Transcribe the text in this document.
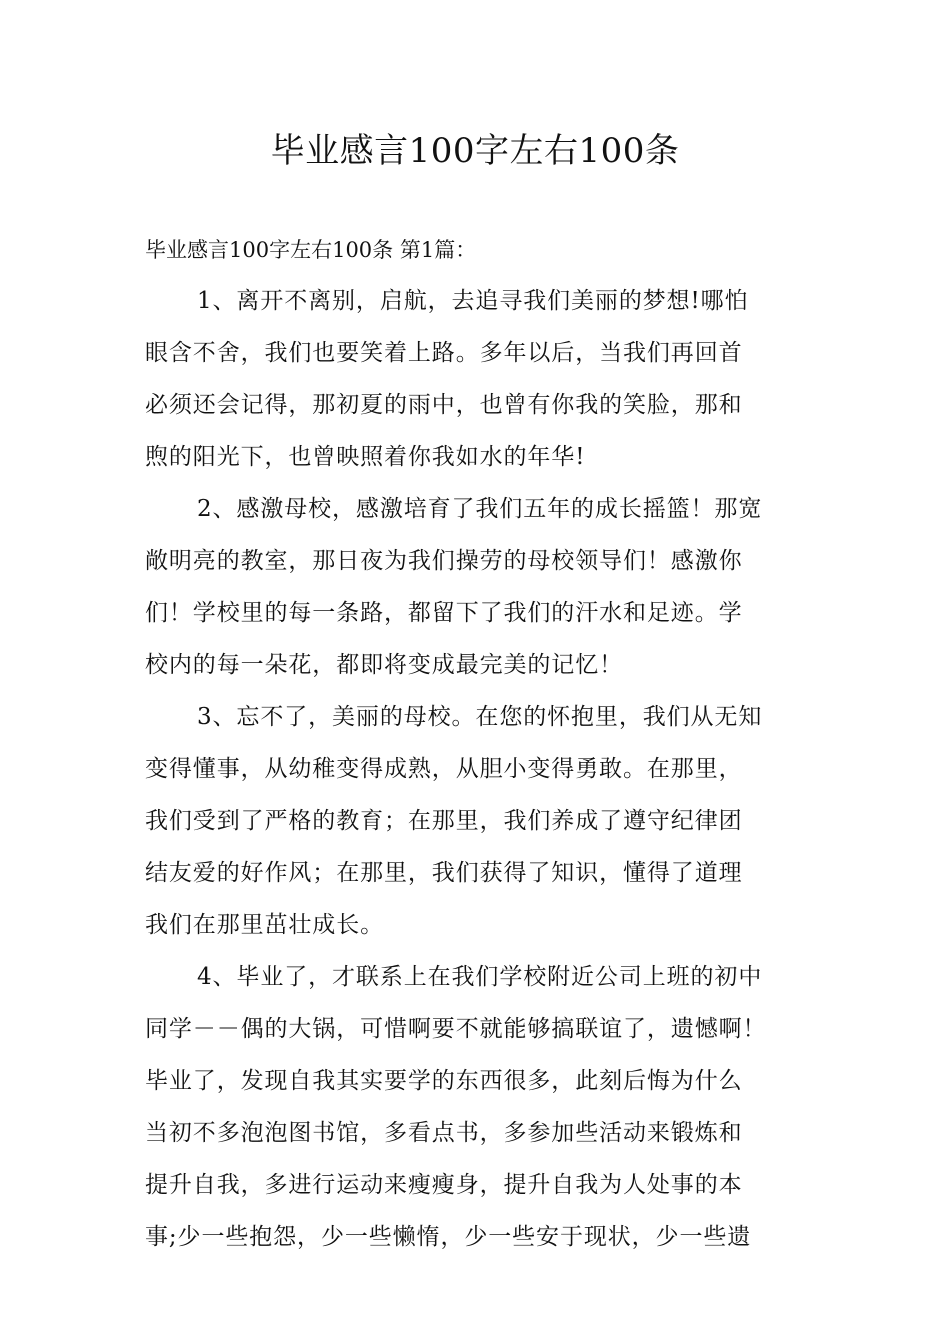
毕业感言100字左右100条
毕业感言100字左右100条 第1篇：
1、离开不离别，启航，去追寻我们美丽的梦想!哪怕
眼含不舍，我们也要笑着上路。多年以后，当我们再回首
必须还会记得，那初夏的雨中，也曾有你我的笑脸，那和
煦的阳光下，也曾映照着你我如水的年华!
2、感激母校，感激培育了我们五年的成长摇篮！那宽
敞明亮的教室，那日夜为我们操劳的母校领导们！感激你
们！学校里的每一条路，都留下了我们的汗水和足迹。学
校内的每一朵花，都即将变成最完美的记忆！
3、忘不了，美丽的母校。在您的怀抱里，我们从无知
变得懂事，从幼稚变得成熟，从胆小变得勇敢。在那里，
我们受到了严格的教育；在那里，我们养成了遵守纪律团
结友爱的好作风；在那里，我们获得了知识，懂得了道理
我们在那里茁壮成长。
4、毕业了，才联系上在我们学校附近公司上班的初中
同学－－偶的大锅，可惜啊要不就能够搞联谊了，遗憾啊！
毕业了，发现自我其实要学的东西很多，此刻后悔为什么
当初不多泡泡图书馆，多看点书，多参加些活动来锻炼和
提升自我，多进行运动来瘦瘦身，提升自我为人处事的本
事;少一些抱怨，少一些懒惰，少一些安于现状，少一些遗
